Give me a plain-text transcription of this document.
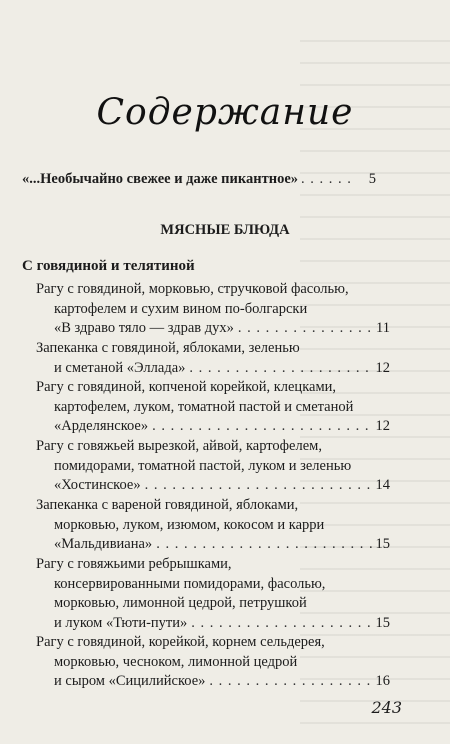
Содержание
«...Необычайно свежее и даже пикантное» . . .	5
МЯСНЫЕ БЛЮДА
С говядиной и телятиной
Рагу с говядиной, морковью, стручковой фасолью,
картофелем и сухим вином по-болгарски
«В здраво тяло — здрав дух» . . .	11
Запеканка с говядиной, яблоками, зеленью
и сметаной «Эллада» . . .	12
Рагу с говядиной, копченой корейкой, клецками,
картофелем, луком, томатной пастой и сметаной
«Арделянское» . . .	12
Рагу с говяжьей вырезкой, айвой, картофелем,
помидорами, томатной пастой, луком и зеленью
«Хостинское» . . .	14
Запеканка с вареной говядиной, яблоками,
морковью, луком, изюмом, кокосом и карри
«Мальдивиана» . . .	15
Рагу с говяжьими ребрышками,
консервированными помидорами, фасолью,
морковью, лимонной цедрой, петрушкой
и луком «Тюти-пути» . . .	15
Рагу с говядиной, корейкой, корнем сельдерея,
морковью, чесноком, лимонной цедрой
и сыром «Сицилийское» . . .	16
243
